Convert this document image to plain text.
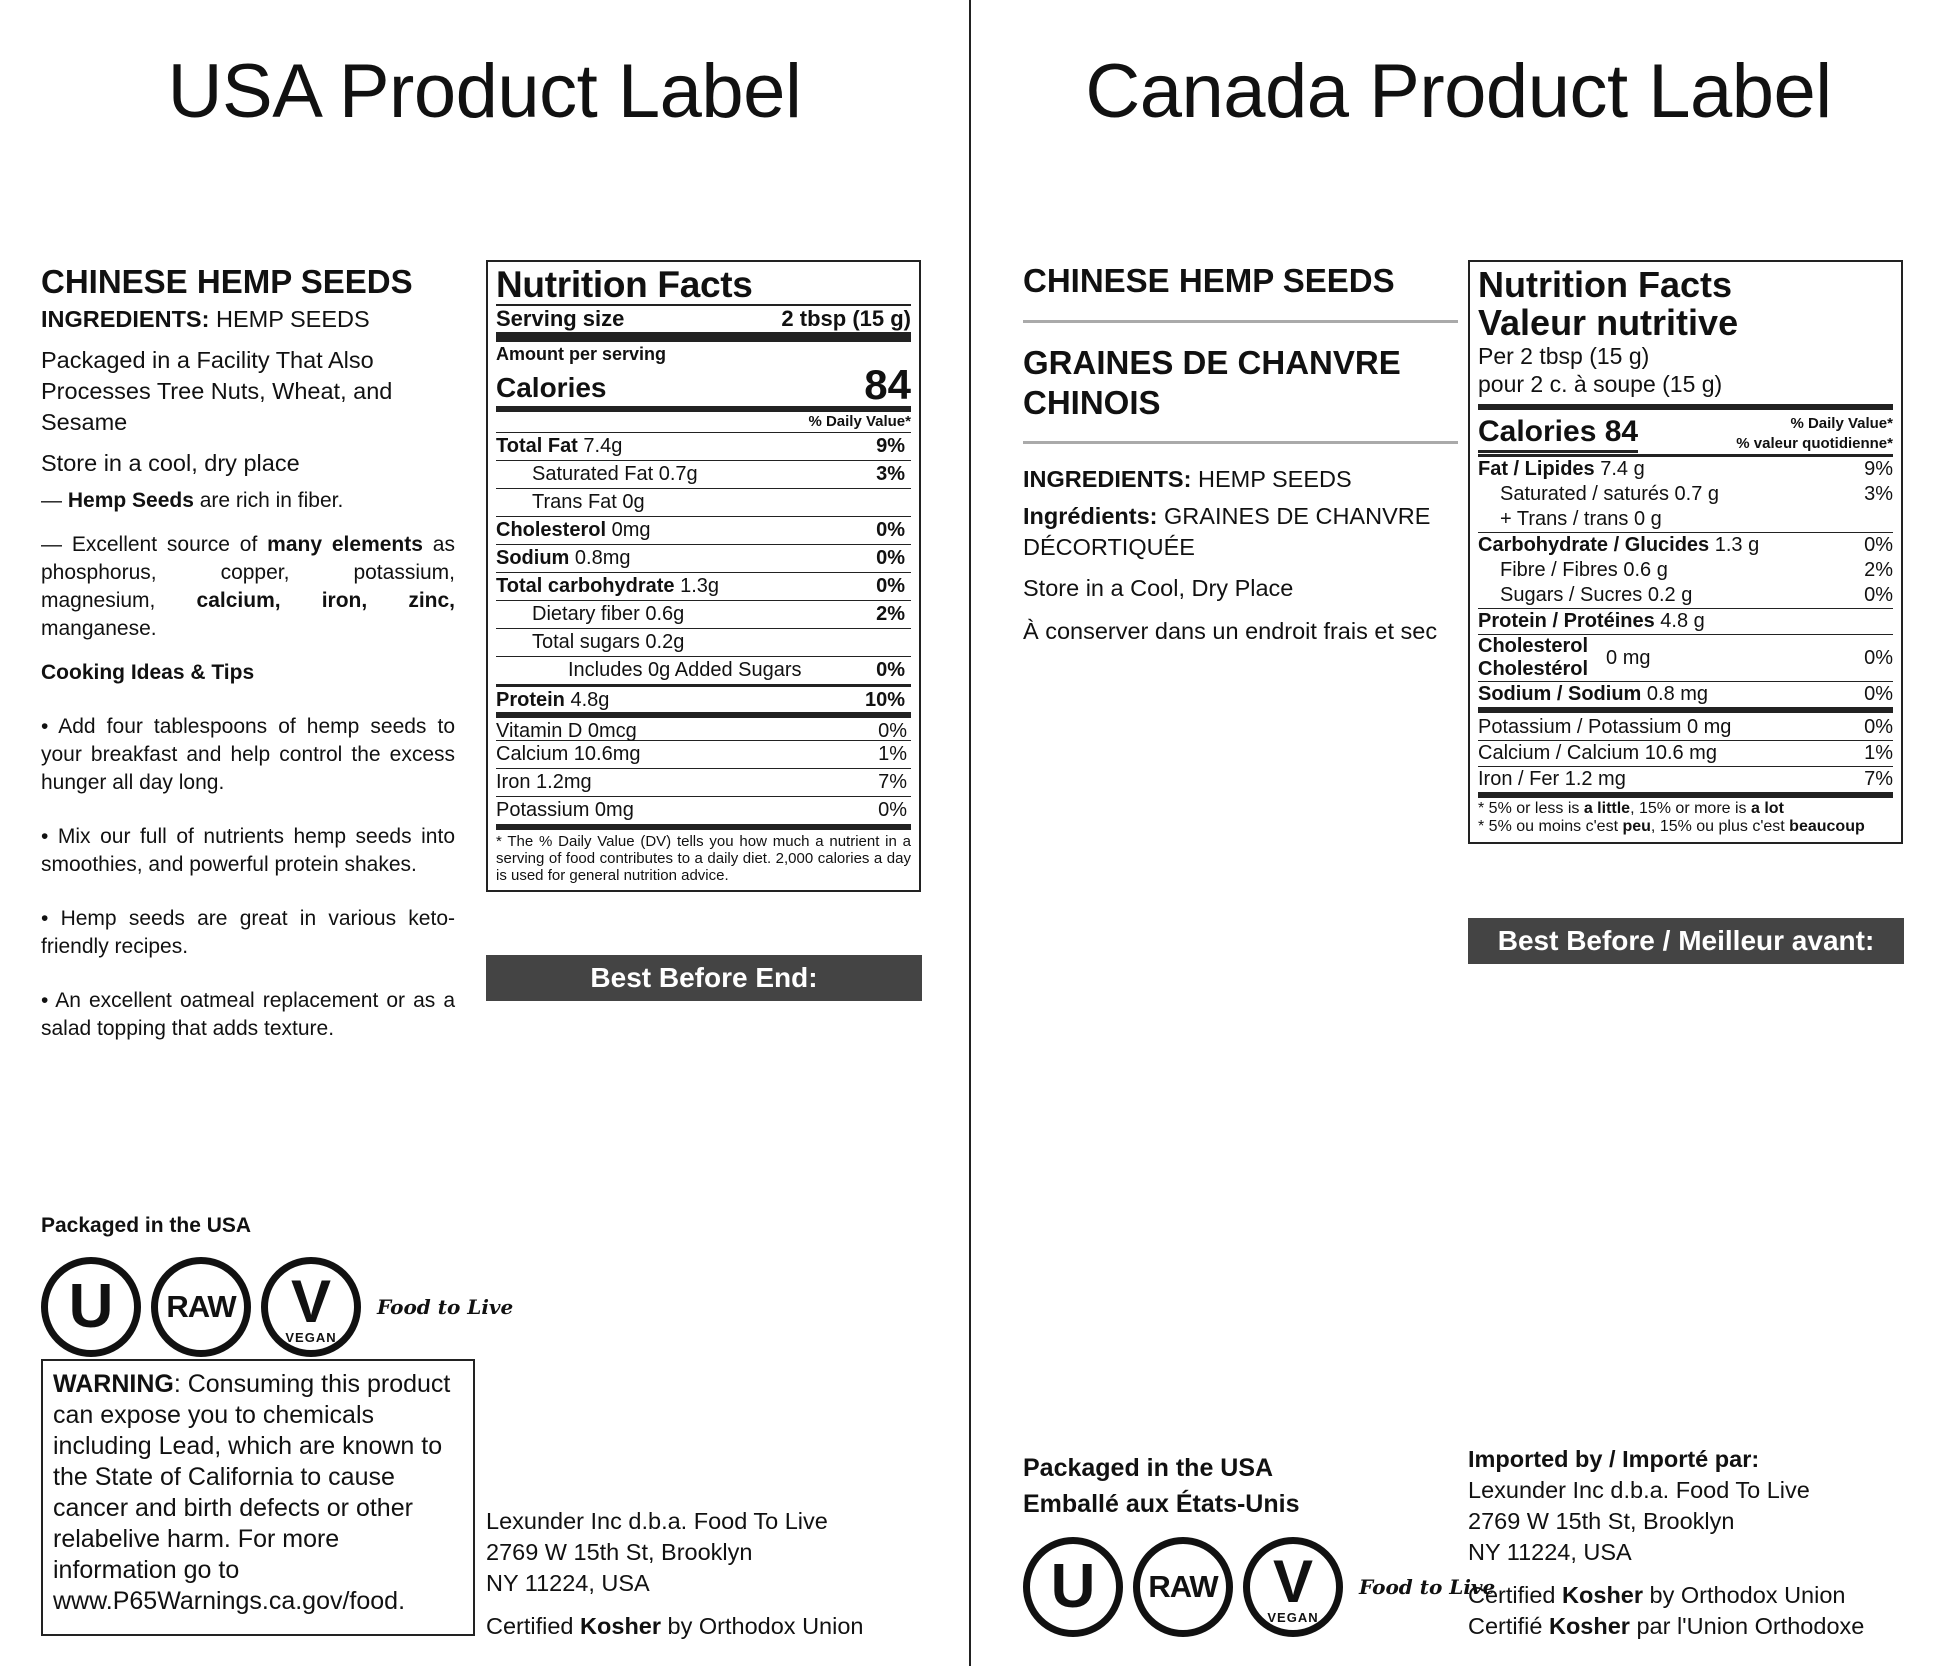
USA Product Label
CHINESE HEMP SEEDS
INGREDIENTS: HEMP SEEDS
Packaged in a Facility That Also Processes Tree Nuts, Wheat, and Sesame
Store in a cool, dry place
— Hemp Seeds are rich in fiber.
— Excellent source of many elements as phosphorus, copper, potassium, magnesium, calcium, iron, zinc, manganese.
Cooking Ideas & Tips
• Add four tablespoons of hemp seeds to your breakfast and help control the excess hunger all day long.
• Mix our full of nutrients hemp seeds into smoothies, and powerful protein shakes.
• Hemp seeds are great in various keto-friendly recipes.
• An excellent oatmeal replacement or as a salad topping that adds texture.
Packaged in the USA
U RAW V
VEGAN
Food to Live
WARNING: Consuming this product can expose you to chemicals including Lead, which are known to the State of California to cause cancer and birth defects or other relabelive harm. For more information go to www.P65Warnings.ca.gov/food.
Nutrition Facts
Serving size	2 tbsp (15 g)
Amount per serving
Calories	84
% Daily Value*
Total Fat 7.4g	9%
Saturated Fat 0.7g	3%
Trans Fat 0g
Cholesterol 0mg	0%
Sodium 0.8mg	0%
Total carbohydrate 1.3g	0%
Dietary fiber 0.6g	2%
Total sugars 0.2g
Includes 0g Added Sugars	0%
Protein 4.8g	10%
Vitamin D 0mcg	0%
Calcium 10.6mg	1%
Iron 1.2mg	7%
Potassium 0mg	0%
* The % Daily Value (DV) tells you how much a nutrient in a serving of food contributes to a daily diet. 2,000 calories a day is used for general nutrition advice.
Best Before End:
Lexunder Inc d.b.a. Food To Live
2769 W 15th St, Brooklyn
NY 11224, USA
Certified Kosher by Orthodox Union
Canada Product Label
CHINESE HEMP SEEDS
GRAINES DE CHANVRE CHINOIS
INGREDIENTS: HEMP SEEDS
Ingrédients: GRAINES DE CHANVRE DÉCORTIQUÉE
Store in a Cool, Dry Place
À conserver dans un endroit frais et sec
Nutrition Facts
Valeur nutritive
Per 2 tbsp (15 g)
pour 2 c. à soupe (15 g)
Calories 84	% Daily Value*
% valeur quotidienne*
Fat / Lipides 7.4 g	9%
Saturated / saturés 0.7 g	3%
+ Trans / trans 0 g
Carbohydrate / Glucides 1.3 g	0%
Fibre / Fibres 0.6 g	2%
Sugars / Sucres 0.2 g	0%
Protein / Protéines 4.8 g
Cholesterol
Cholestérol
0 mg	0%
Sodium / Sodium 0.8 mg	0%
Potassium / Potassium 0 mg	0%
Calcium / Calcium 10.6 mg	1%
Iron / Fer 1.2 mg	7%
* 5% or less is a little, 15% or more is a lot
* 5% ou moins c'est peu, 15% ou plus c'est beaucoup
Best Before / Meilleur avant:
Packaged in the USA
Emballé aux États-Unis
U RAW V
VEGAN
Food to Live
Imported by / Importé par:
Lexunder Inc d.b.a. Food To Live
2769 W 15th St, Brooklyn
NY 11224, USA
Certified Kosher by Orthodox Union
Certifié Kosher par l'Union Orthodoxe
